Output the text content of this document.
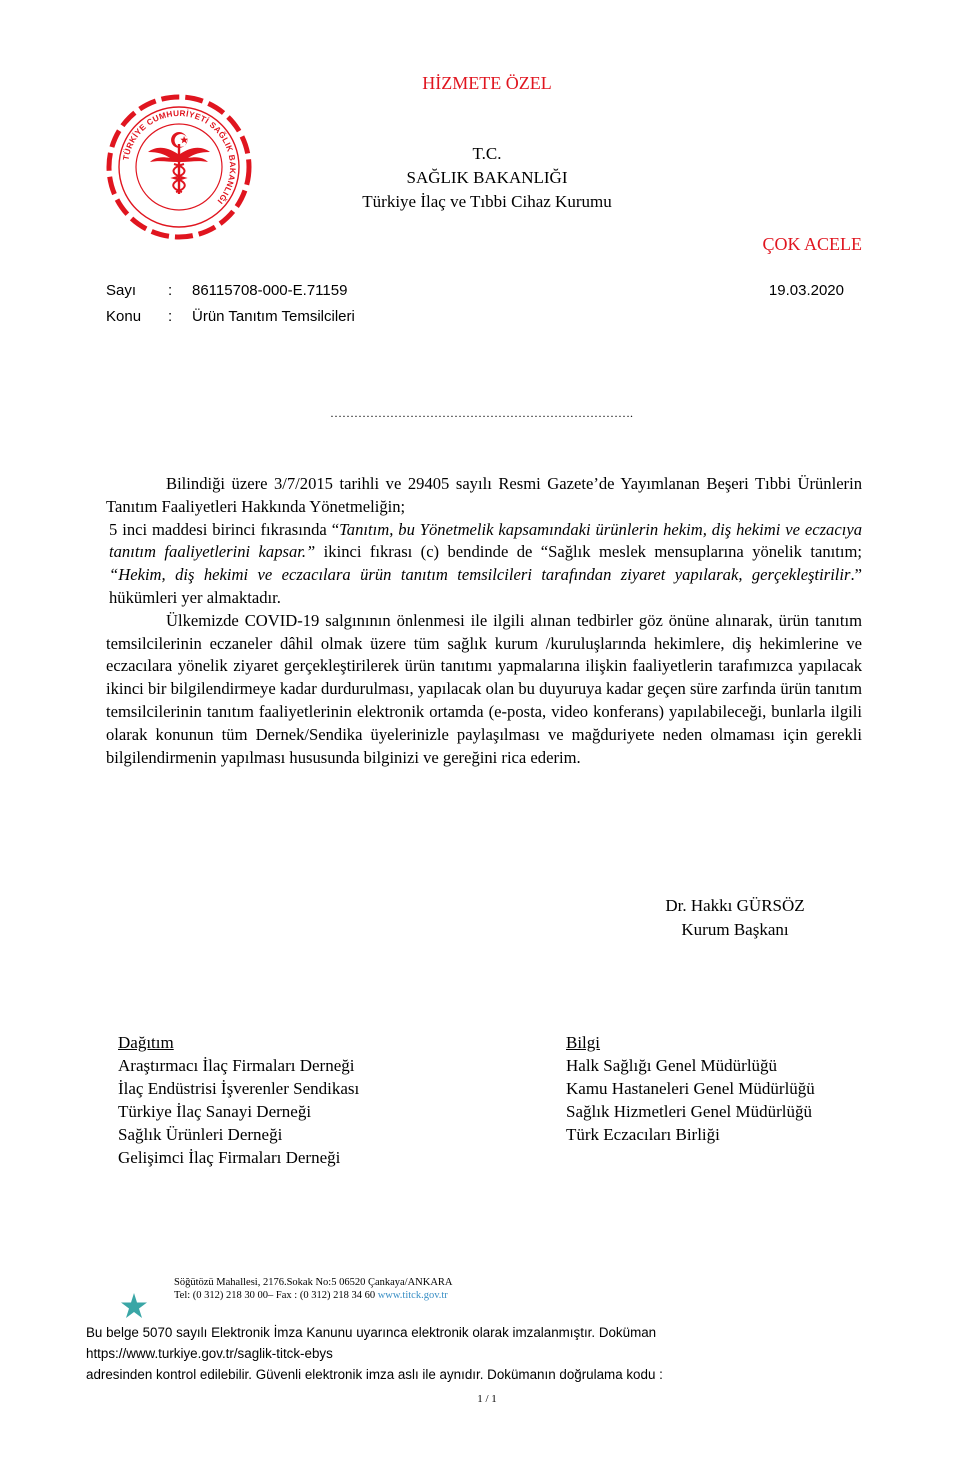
HİZMETE ÖZEL
TÜRKİYE CUMHURİYETİ SAĞLIK BAKANLIĞI
T.C.
SAĞLIK BAKANLIĞI
Türkiye İlaç ve Tıbbi Cihaz Kurumu
ÇOK ACELE
Sayı : 86115708-000-E.71159	19.03.2020
Konu : Ürün Tanıtım Temsilcileri
………………………………………………………………….

Bilindiği üzere 3/7/2015 tarihli ve 29405 sayılı Resmi Gazete’de Yayımlanan Beşeri Tıbbi Ürünlerin Tanıtım Faaliyetleri Hakkında Yönetmeliğin;

5 inci maddesi birinci fıkrasında “Tanıtım, bu Yönetmelik kapsamındaki ürünlerin hekim, diş hekimi ve eczacıya tanıtım faaliyetlerini kapsar.” ikinci fıkrası (c) bendinde de “Sağlık meslek mensuplarına yönelik tanıtım; “Hekim, diş hekimi ve eczacılara ürün tanıtım temsilcileri tarafından ziyaret yapılarak, gerçekleştirilir.” hükümleri yer almaktadır.

Ülkemizde COVID-19 salgınının önlenmesi ile ilgili alınan tedbirler göz önüne alınarak, ürün tanıtım temsilcilerinin eczaneler dâhil olmak üzere tüm sağlık kurum /kuruluşlarında hekimlere, diş hekimlerine ve eczacılara yönelik ziyaret gerçekleştirilerek ürün tanıtımı yapmalarına ilişkin faaliyetlerin tarafımızca yapılacak ikinci bir bilgilendirmeye kadar durdurulması, yapılacak olan bu duyuruya kadar geçen süre zarfında ürün tanıtım temsilcilerinin tanıtım faaliyetlerinin elektronik ortamda (e-posta, video konferans) yapılabileceği, bunlarla ilgili olarak konunun tüm Dernek/Sendika üyelerinizle paylaşılması ve mağduriyete neden olmaması için gerekli bilgilendirmenin yapılması hususunda bilginizi ve gereğini rica ederim.

Dr. Hakkı GÜRSÖZ
Kurum Başkanı
Dağıtım
Araştırmacı İlaç Firmaları Derneği
İlaç Endüstrisi İşverenler Sendikası
Türkiye İlaç Sanayi Derneği
Sağlık Ürünleri Derneği
Gelişimci İlaç Firmaları Derneği
Bilgi
Halk Sağlığı Genel Müdürlüğü
Kamu Hastaneleri Genel Müdürlüğü
Sağlık Hizmetleri Genel Müdürlüğü
Türk Eczacıları Birliği
Söğütözü Mahallesi, 2176.Sokak No:5 06520 Çankaya/ANKARA
Tel: (0 312) 218 30 00– Fax : (0 312) 218 34 60 www.titck.gov.tr
Bu belge 5070 sayılı Elektronik İmza Kanunu uyarınca elektronik olarak imzalanmıştır. Doküman
https://www.turkiye.gov.tr/saglik-titck-ebys
adresinden kontrol edilebilir. Güvenli elektronik imza aslı ile aynıdır. Dokümanın doğrulama kodu :
1 / 1
